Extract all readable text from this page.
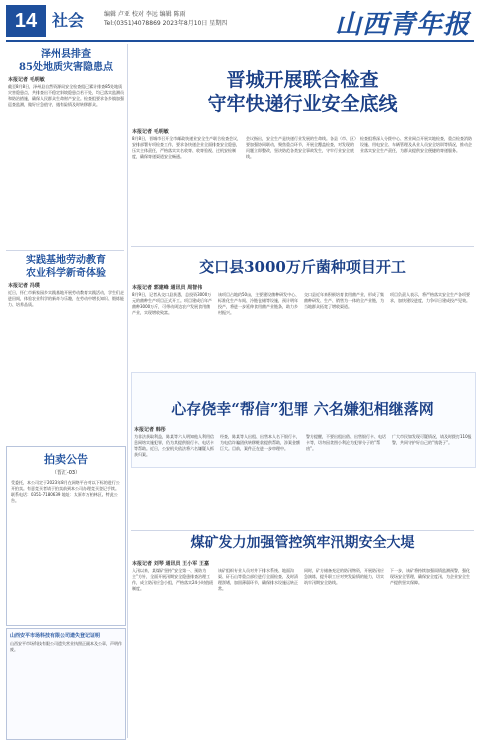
14 社会	编辑 卢亚 校对 李远 编辑 陈雨
Tel:(0351)4078869 2023年8月10日 星期四	山西青年报
泽州县排查
85处地质灾害隐患点
本报记者 毛明敏
截至8月8日，泽州县自然资源局安全检查组已累计排查85处地质灾害隐患点，共排查出不稳定斜坡隐患点若干处，均已落实监测员和防治措施，确保人民群众生命财产安全。检查组要求各乡镇加强巡查监测，做好应急值守，遇有险情及时转移群众。
实践基地劳动教育
农业科学新奇体验
本报记者 冯璞
近日，怀仁市新家园乡实践基地开展劳动教育实践活动，学生们走进田间，体验农业科学的新奇与乐趣，在劳动中增长知识、锻炼能力、培养品质。
拍卖公告
（晋汇-03）
受委托，本公司定于2023年8月在网络平台对以下标的进行公开拍卖。有意竞买者请于拍卖前到本公司办理竞买登记手续。联系电话：0351-7180639 地址：太原市万柏林区。特此公告。
山西安平市场科技有限公司遗失登记证明
山西安平市场科技有限公司遗失营业执照正副本及公章，声明作废。
晋城开展联合检查
守牢快递行业安全底线
本报记者 毛明敏
8月8日，晋城市召开全市邮政快递业安全生产联合检查会议，安排部署专项检查工作，要求各快递企业全面排查安全隐患，压实主体责任，严格落实实名收寄、收寄验视、过机安检制度，确保寄递渠道安全畅通。
会议指出，安全生产是快递行业发展的生命线。各县（市、区）要加强协同联动，聚焦重点环节，开展全覆盖检查，对发现的问题立即整改，坚决防范各类安全事故发生，守牢行业安全底线。
检查组将深入分拨中心、营业网点开展实地检查，重点检查消防设施、用电安全、车辆管理及从业人员安全培训等情况，推动企业落实安全生产责任，为群众提供安全便捷的寄递服务。
交口县3000万斤菌种项目开工
本报记者 郭建峰 通讯员 周智伟
8月9日，记者从交口县获悉，总投资3000万元的菌种生产项目正式开工。项目建成后年产菌种3000万斤，可带动周边农户发展食用菌产业，实现增收致富。
该项目占地约50亩，主要建设菌种研发中心、标准化生产车间、冷链仓储等设施，预计明年投产，将进一步延伸食用菌产业链条，助力乡村振兴。
交口县近年来积极培育食用菌产业，形成了集菌种研发、生产、销售为一体的全产业链，为当地群众拓宽了增收渠道。
项目负责人表示，将严格落实安全生产各项要求，加快建设进度，力争早日建成投产见效。
心存侥幸“帮信”犯罪 六名嫌犯相继落网
本报记者 韩彤
为非法获取利益，陈某等六人明知他人利用信息网络实施犯罪，仍为其提供银行卡、电话卡等帮助。近日，公安机关依法将六名嫌疑人抓获归案。
经查，陈某等人出租、出售本人名下银行卡，为电信诈骗团伙转移赃款提供帮助，涉案金额巨大。目前，案件正在进一步审理中。
警方提醒，不要出租出借、出售银行卡、电话卡等，切勿因贪图小利沦为犯罪分子的“帮凶”。
广大市民如发现可疑情况，请及时拨打110报警，共同守护好自己的“钱袋子”。
煤矿发力加强管控筑牢汛期安全大堤
本报记者 刘琴 通讯员 王小军 王嘉
入汛以来，某煤矿坚持“安全第一、预防为主”方针，全面开展汛期安全隐患排查治理工作，成立防汛应急小组，严格落实24小时值班制度。
该矿组织专业人员对井下排水系统、地面沟渠、矸石山等重点部位进行全面检查，及时清理淤堵，加固薄弱环节，确保排水设施运转正常。
同时，矿方储备充足的防汛物资，开展防汛应急演练，提升职工应对突发险情的能力，切实筑牢汛期安全防线。
下一步，该矿将持续加强雨情监测预警，强化现场安全管理，确保安全度汛，为企业安全生产提供坚实保障。
